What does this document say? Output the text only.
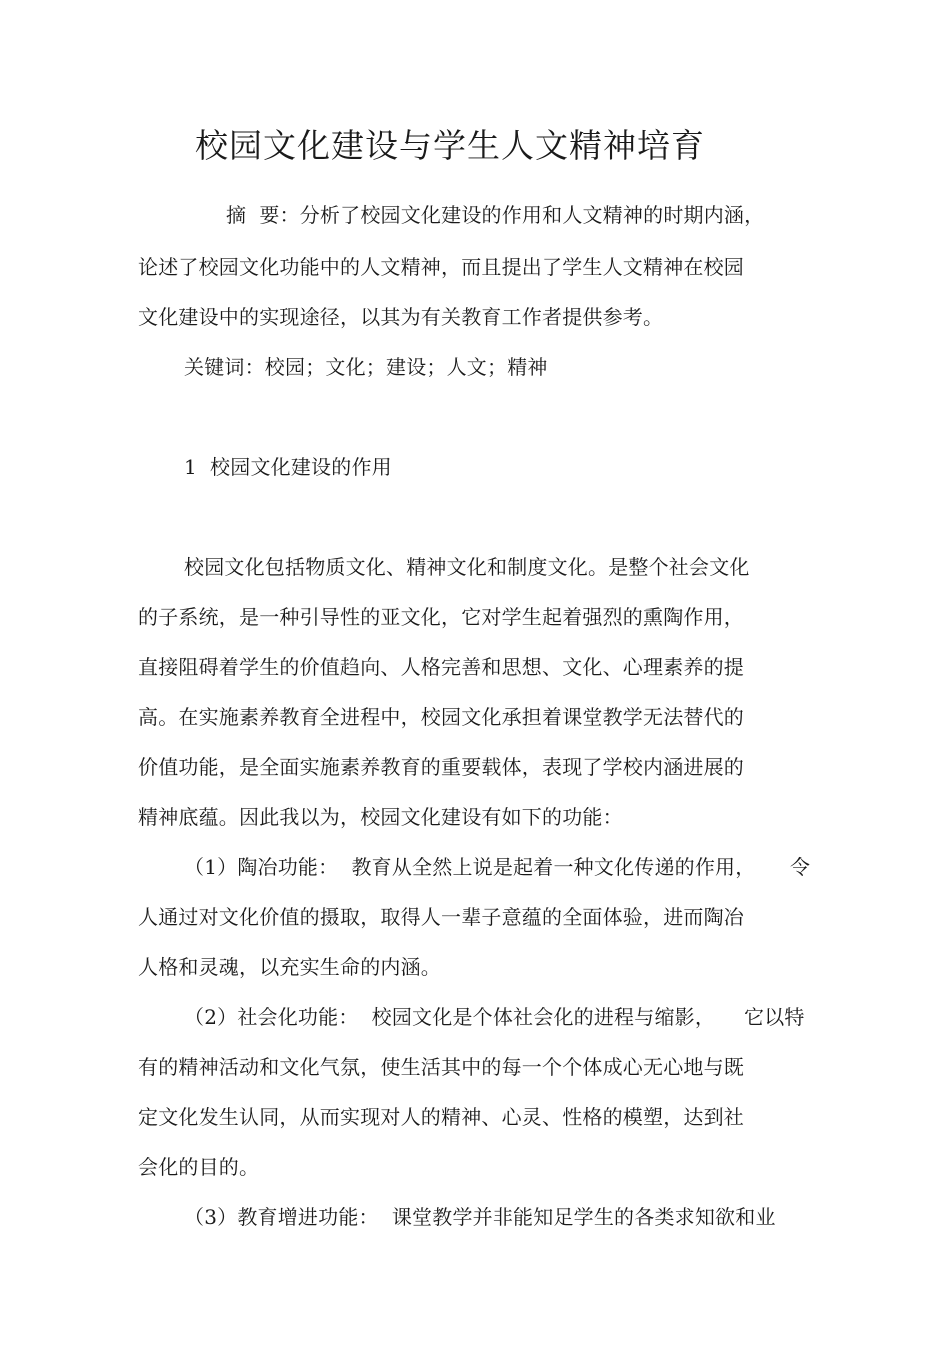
校园文化建设与学生人文精神培育
摘  要：分析了校园文化建设的作用和人文精神的时期内涵，
论述了校园文化功能中的人文精神，而且提出了学生人文精神在校园
文化建设中的实现途径，以其为有关教育工作者提供参考。
关键词：校园；文化；建设；人文；精神
1  校园文化建设的作用
校园文化包括物质文化、精神文化和制度文化。是整个社会文化
的子系统，是一种引导性的亚文化，它对学生起着强烈的熏陶作用，
直接阻碍着学生的价值趋向、人格完善和思想、文化、心理素养的提
高。在实施素养教育全进程中，校园文化承担着课堂教学无法替代的
价值功能，是全面实施素养教育的重要载体，表现了学校内涵进展的
精神底蕴。因此我以为，校园文化建设有如下的功能：
（1）陶冶功能：  教育从全然上说是起着一种文化传递的作用， 令
人通过对文化价值的摄取，取得人一辈子意蕴的全面体验，进而陶冶
人格和灵魂，以充实生命的内涵。
（2）社会化功能：  校园文化是个体社会化的进程与缩影， 它以特
有的精神活动和文化气氛，使生活其中的每一个个体成心无心地与既
定文化发生认同，从而实现对人的精神、心灵、性格的模塑，达到社
会化的目的。
（3）教育增进功能：  课堂教学并非能知足学生的各类求知欲和业
